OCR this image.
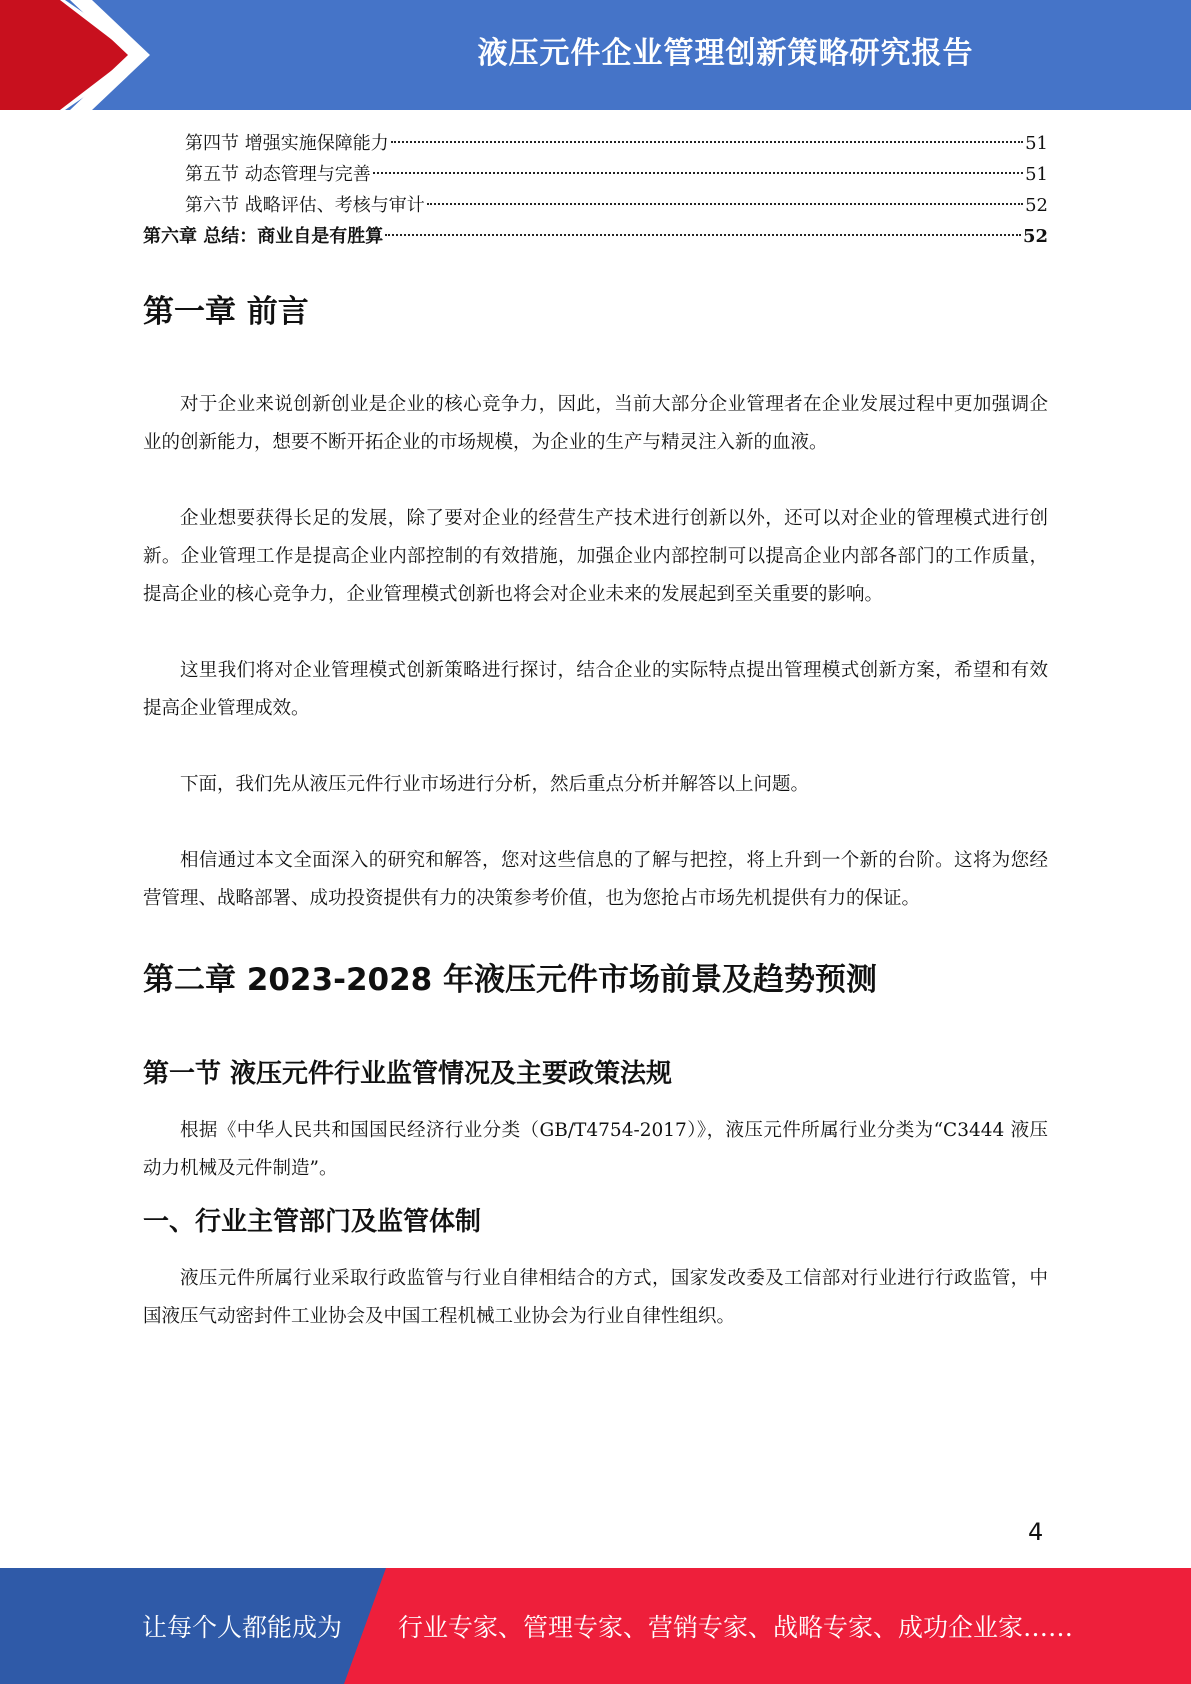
液压元件企业管理创新策略研究报告
第四节 增强实施保障能力	51
第五节 动态管理与完善	51
第六节 战略评估、考核与审计	52
第六章 总结：商业自是有胜算	52
第一章 前言

对于企业来说创新创业是企业的核心竞争力，因此，当前大部分企业管理者在企业发展过程中更加强调企业的创新能力，想要不断开拓企业的市场规模，为企业的生产与精灵注入新的血液。

企业想要获得长足的发展，除了要对企业的经营生产技术进行创新以外，还可以对企业的管理模式进行创新。企业管理工作是提高企业内部控制的有效措施，加强企业内部控制可以提高企业内部各部门的工作质量，提高企业的核心竞争力，企业管理模式创新也将会对企业未来的发展起到至关重要的影响。

这里我们将对企业管理模式创新策略进行探讨，结合企业的实际特点提出管理模式创新方案，希望和有效提高企业管理成效。

下面，我们先从液压元件行业市场进行分析，然后重点分析并解答以上问题。

相信通过本文全面深入的研究和解答，您对这些信息的了解与把控，将上升到一个新的台阶。这将为您经营管理、战略部署、成功投资提供有力的决策参考价值，也为您抢占市场先机提供有力的保证。

第二章 2023-2028 年液压元件市场前景及趋势预测
第一节 液压元件行业监管情况及主要政策法规

根据《中华人民共和国国民经济行业分类（GB/T4754-2017）》，液压元件所属行业分类为“C3444 液压动力机械及元件制造”。

一、行业主管部门及监管体制

液压元件所属行业采取行政监管与行业自律相结合的方式，国家发改委及工信部对行业进行行政监管，中国液压气动密封件工业协会及中国工程机械工业协会为行业自律性组织。

4
让每个人都能成为 行业专家、管理专家、营销专家、战略专家、成功企业家……
